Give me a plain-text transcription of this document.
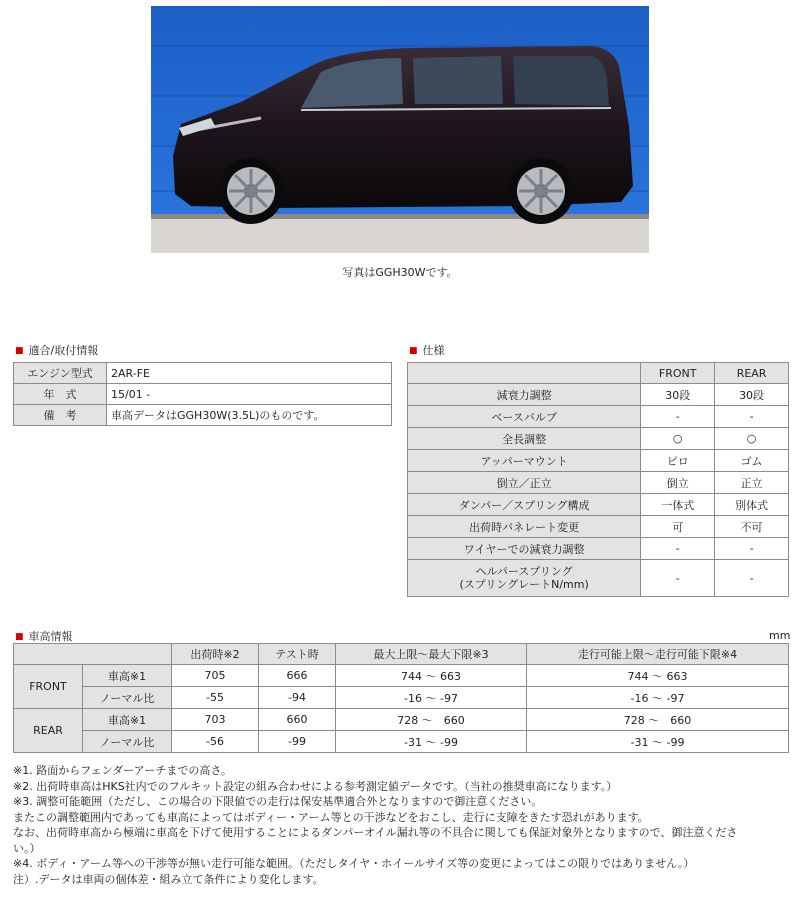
写真はGGH30Wです。
■ 適合/取付情報
エンジン型式	2AR-FE
年　式	15/01 -
備　考	車高データはGGH30W(3.5L)のものです。
■ 仕様
	FRONT	REAR
減衰力調整	30段	30段
ベースバルブ	-	-
全長調整	○	○
アッパーマウント	ピロ	ゴム
倒立／正立	倒立	正立
ダンパー／スプリング構成	一体式	別体式
出荷時バネレート変更	可	不可
ワイヤーでの減衰力調整	-	-

ヘルパースプリング
(スプリングレートN/mm)	-	-
■ 車高情報	mm
		出荷時※2	テスト時	最大上限～最大下限※3	走行可能上限～走行可能下限※4
FRONT	車高※1	705	666	744 ～ 663	744 ～ 663
	ノーマル比	-55	-94	-16 ～ -97	-16 ～ -97
REAR	車高※1	703	660	728 ～　660	728 ～　660
	ノーマル比	-56	-99	-31 ～ -99	-31 ～ -99
※1. 路面からフェンダーアーチまでの高さ。
※2. 出荷時車高はHKS社内でのフルキット設定の組み合わせによる参考測定値データです。（当社の推奨車高になります。）
※3. 調整可能範囲（ただし、この場合の下限値での走行は保安基準適合外となりますので御注意ください。
またこの調整範囲内であっても車高によってはボディー・アーム等との干渉などをおこし、走行に支障をきたす恐れがあります。
なお、出荷時車高から極端に車高を下げて使用することによるダンパーオイル漏れ等の不具合に関しても保証対象外となりますので、御注意くださ
い。）
※4. ボディ・アーム等への干渉等が無い走行可能な範囲。（ただしタイヤ・ホイールサイズ等の変更によってはこの限りではありません。）
注）.データは車両の個体差・組み立て条件により変化します。
